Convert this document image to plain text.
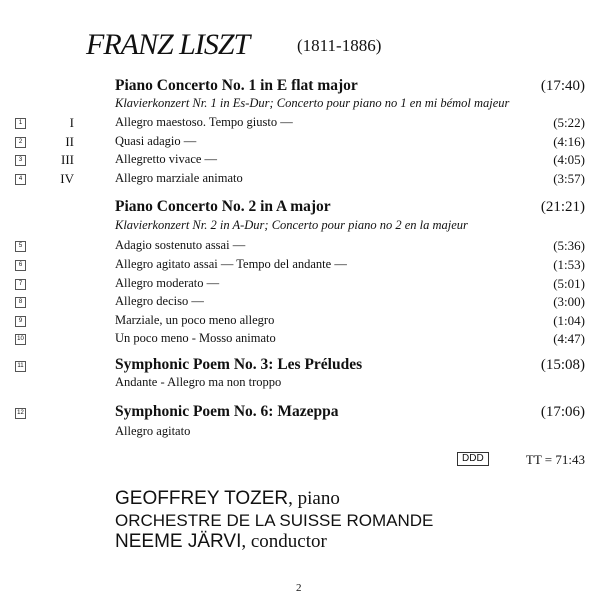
FRANZ LISZT	(1811-1886)
Piano Concerto No. 1 in E flat major	(17:40)
Klavierkonzert Nr. 1 in Es-Dur; Concerto pour piano no 1 en mi bémol majeur
1	I	Allegro maestoso. Tempo giusto —	(5:22)
2	II	Quasi adagio —	(4:16)
3	III	Allegretto vivace —	(4:05)
4	IV	Allegro marziale animato	(3:57)
Piano Concerto No. 2 in A major	(21:21)
Klavierkonzert Nr. 2 in A-Dur; Concerto pour piano no 2 en la majeur
5	Adagio sostenuto assai —	(5:36)
6	Allegro agitato assai — Tempo del andante —	(1:53)
7	Allegro moderato —	(5:01)
8	Allegro deciso —	(3:00)
9	Marziale, un poco meno allegro	(1:04)
10	Un poco meno - Mosso animato	(4:47)
11	Symphonic Poem No. 3: Les Préludes	(15:08)
Andante - Allegro ma non troppo
12	Symphonic Poem No. 6: Mazeppa	(17:06)
Allegro agitato
DDD	TT = 71:43
GEOFFREY TOZER, piano
ORCHESTRE DE LA SUISSE ROMANDE
NEEME JÄRVI, conductor
2
